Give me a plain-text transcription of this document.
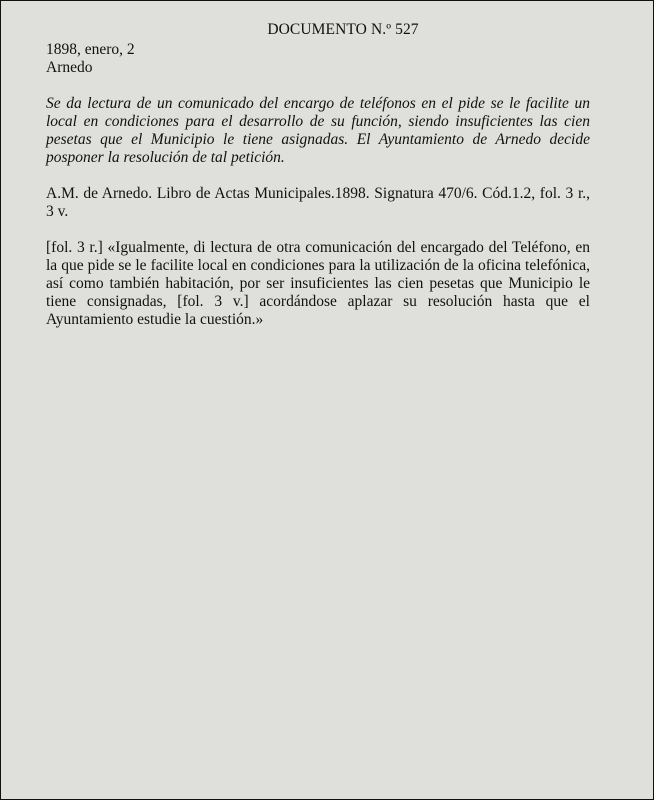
DOCUMENTO N.º 527
1898, enero, 2
Arnedo

Se da lectura de un comunicado del encargo de teléfonos en el pide se le facilite un local en condiciones para el desarrollo de su función, siendo insuficientes las cien pesetas que el Municipio le tiene asignadas. El Ayuntamiento de Arnedo decide posponer la resolución de tal petición.

A.M. de Arnedo. Libro de Actas Municipales.1898. Signatura 470/6. Cód.1.2, fol. 3 r., 3 v.

[fol. 3 r.] «Igualmente, di lectura de otra comunicación del encargado del Teléfono, en la que pide se le facilite local en condiciones para la utilización de la oficina telefónica, así como también habitación, por ser insuficientes las cien pesetas que Municipio le tiene consignadas, [fol. 3 v.] acordándose aplazar su resolución hasta que el Ayuntamiento estudie la cuestión.»
